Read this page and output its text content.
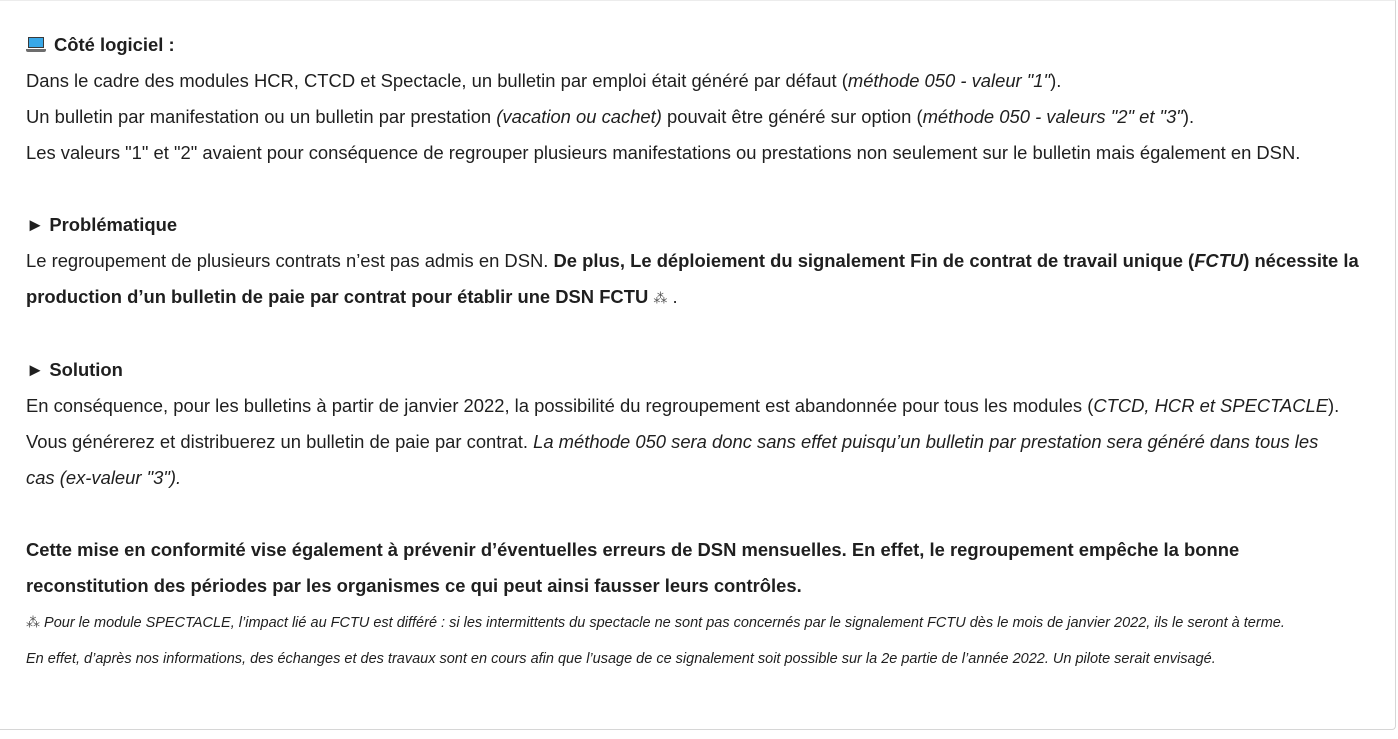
Côté logiciel :

Dans le cadre des modules HCR, CTCD et Spectacle, un bulletin par emploi était généré par défaut (méthode 050 - valeur "1").

Un bulletin par manifestation ou un bulletin par prestation (vacation ou cachet) pouvait être généré sur option (méthode 050 - valeurs "2" et "3").

Les valeurs "1" et "2" avaient pour conséquence de regrouper plusieurs manifestations ou prestations non seulement sur le bulletin mais également en DSN.

► Problématique

Le regroupement de plusieurs contrats n’est pas admis en DSN. De plus, Le déploiement du signalement Fin de contrat de travail unique (FCTU) nécessite la production d’un bulletin de paie par contrat pour établir une DSN FCTU ⁂ .

► Solution

En conséquence, pour les bulletins à partir de janvier 2022, la possibilité du regroupement est abandonnée pour tous les modules (CTCD, HCR et SPECTACLE). Vous générerez et distribuerez un bulletin de paie par contrat. La méthode 050 sera donc sans effet puisqu’un bulletin par prestation sera généré dans tous les cas (ex-valeur "3").

Cette mise en conformité vise également à prévenir d’éventuelles erreurs de DSN mensuelles. En effet, le regroupement empêche la bonne reconstitution des périodes par les organismes ce qui peut ainsi fausser leurs contrôles.

⁂ Pour le module SPECTACLE, l’impact lié au FCTU est différé : si les intermittents du spectacle ne sont pas concernés par le signalement FCTU dès le mois de janvier 2022, ils le seront à terme.

En effet, d’après nos informations, des échanges et des travaux sont en cours afin que l’usage de ce signalement soit possible sur la 2e partie de l’année 2022. Un pilote serait envisagé.
